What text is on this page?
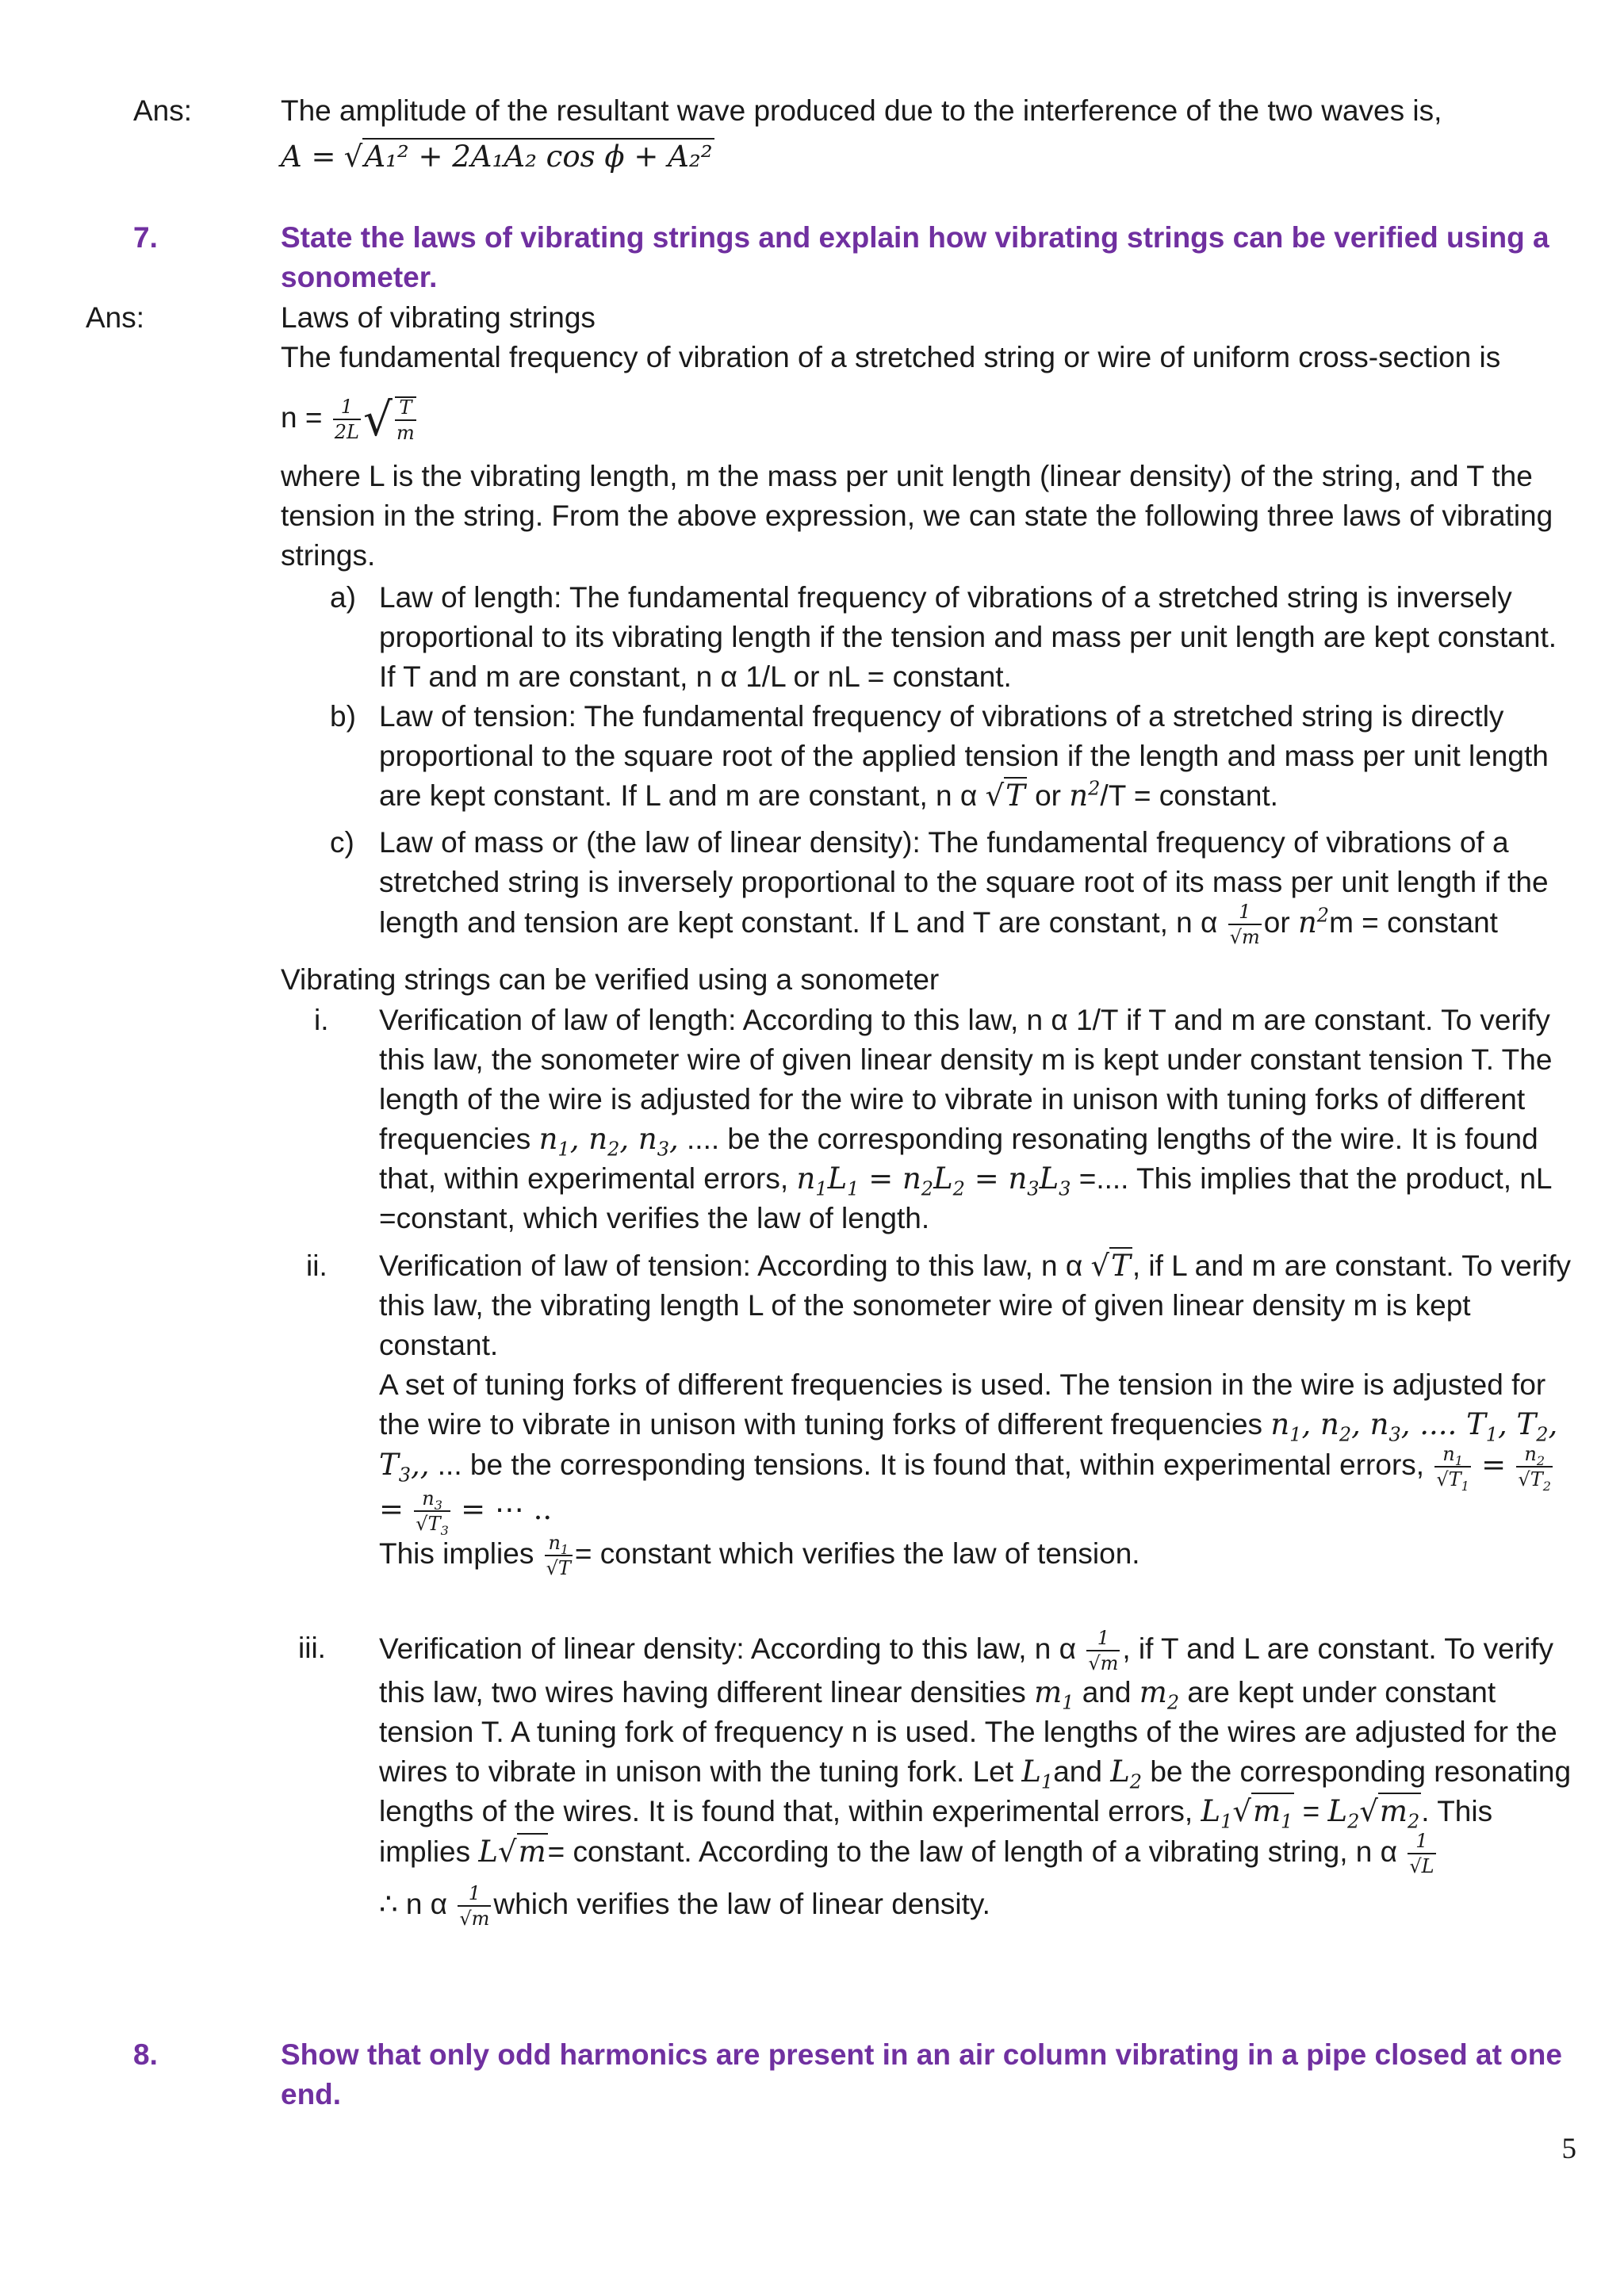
Ans:	The amplitude of the resultant wave produced due to the interference of the two waves is,
A = √A₁² + 2A₁A₂ cos ϕ + A₂²
7.	State the laws of vibrating strings and explain how vibrating strings can be verified using a sonometer.
Ans:	Laws of vibrating strings
The fundamental frequency of vibration of a stretched string or wire of uniform cross-section is
$n = \frac{1}{2L}$ √ $\frac{T}{m}$
where L is the vibrating length, m the mass per unit length (linear density) of the string, and T the tension in the string. From the above expression, we can state the following three laws of vibrating strings.
a) Law of length: The fundamental frequency of vibrations of a stretched string is inversely proportional to its vibrating length if the tension and mass per unit length are kept constant. If T and m are constant, n α 1/L or nL = constant.
b) Law of tension: The fundamental frequency of vibrations of a stretched string is directly proportional to the square root of the applied tension if the length and mass per unit length are kept constant. If L and m are constant, n α √T or $n^2/T$ = constant.
c) Law of mass or (the law of linear density): The fundamental frequency of vibrations of a stretched string is inversely proportional to the square root of its mass per unit length if the length and tension are kept constant. If L and T are constant, n α $\frac{1}{√m}$ or $n^2m$ = constant
Vibrating strings can be verified using a sonometer
i. Verification of law of length: According to this law, n α 1/T if T and m are constant. To verify this law, the sonometer wire of given linear density m is kept under constant tension T. The length of the wire is adjusted for the wire to vibrate in unison with tuning forks of different frequencies $n_1$, $n_2$, $n_3$, .... be the corresponding resonating lengths of the wire. It is found that, within experimental errors, $n_1L_1 = n_2L_2 = n_3L_3$ =.... This implies that the product, nL =constant, which verifies the law of length.
ii. Verification of law of tension: According to this law, n α √T, if L and m are constant. To verify this law, the vibrating length L of the sonometer wire of given linear density m is kept constant.
A set of tuning forks of different frequencies is used. The tension in the wire is adjusted for the wire to vibrate in unison with tuning forks of different frequencies $n_1$, $n_2$, $n_3$, .... $T_1$, $T_2$, $T_3$,, ... be the corresponding tensions. It is found that, within experimental errors, $\frac{n_1}{√T_1} = \frac{n_2}{√T_2}$
= $\frac{n_3}{√T_3}$ = ⋯ ..
This implies $\frac{n_1}{√T}$ = constant which verifies the law of tension.
iii. Verification of linear density: According to this law, n α $\frac{1}{√m}$ , if T and L are constant. To verify this law, two wires having different linear densities $m_1$ and $m_2$ are kept under constant tension T. A tuning fork of frequency n is used. The lengths of the wires are adjusted for the wires to vibrate in unison with the tuning fork. Let $L_1and$ $L_2$ be the corresponding resonating lengths of the wires. It is found that, within experimental errors, $L_1√m_1 = L_2√m_2$. This implies L√m= constant. According to the law of length of a vibrating string, n α $\frac{1}{√L}$
∴ n α $\frac{1}{√m}$ which verifies the law of linear density.
8.	Show that only odd harmonics are present in an air column vibrating in a pipe closed at one end.
5
